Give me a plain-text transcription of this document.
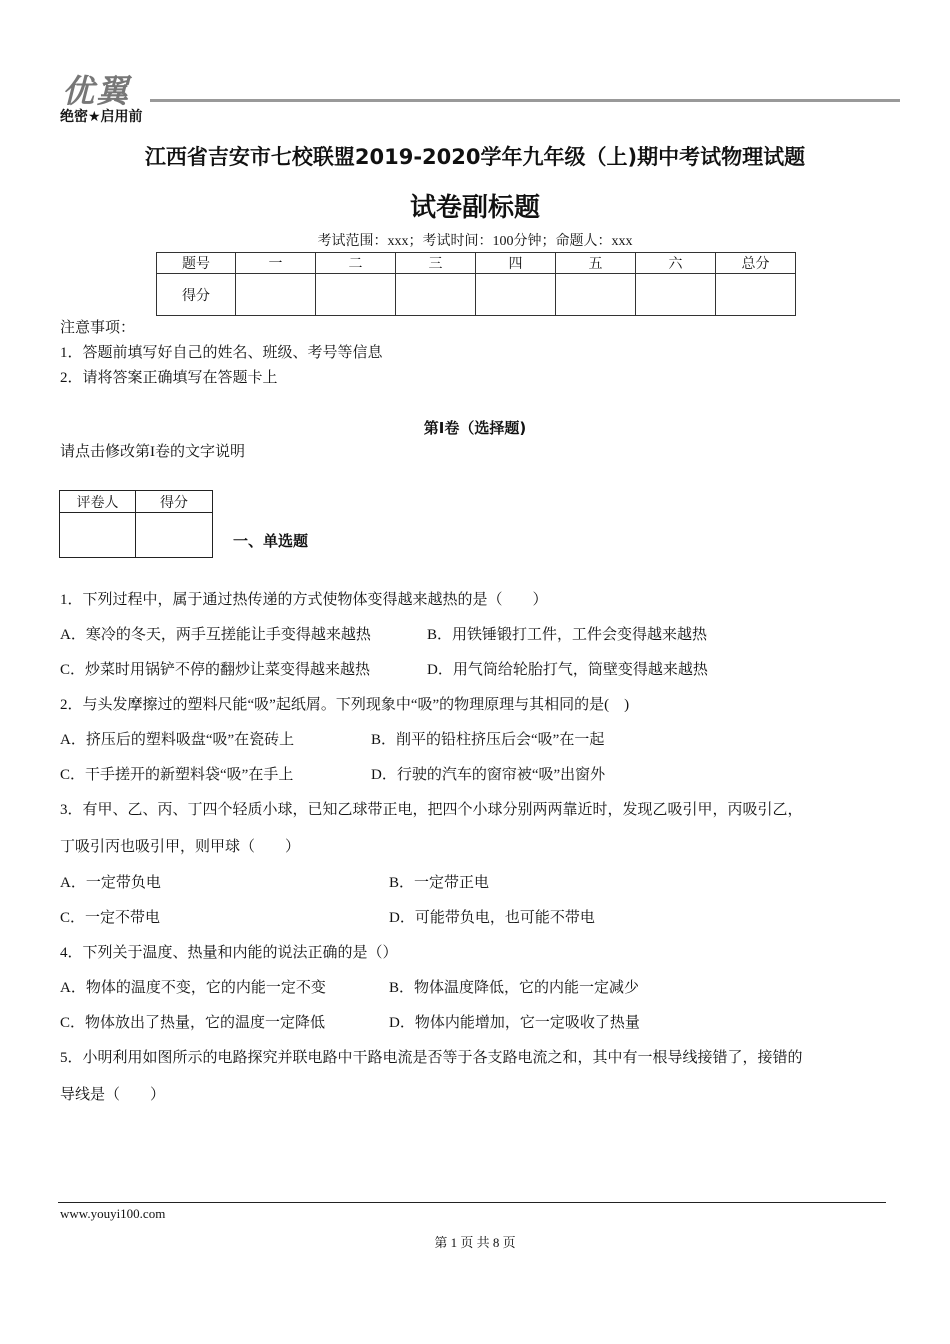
优翼
绝密★启用前
江西省吉安市七校联盟2019-2020学年九年级（上)期中考试物理试题
试卷副标题
考试范围：xxx；考试时间：100分钟；命题人：xxx
题号	一	二	三	四	五	六	总分
得分							
注意事项：
1．答题前填写好自己的姓名、班级、考号等信息
2．请将答案正确填写在答题卡上
第I卷（选择题)
请点击修改第I卷的文字说明
评卷人	得分

一、单选题
1．下列过程中，属于通过热传递的方式使物体变得越来越热的是（　　）
A．寒冷的冬天，两手互搓能让手变得越来越热	B．用铁锤锻打工件，工件会变得越来越热
C．炒菜时用锅铲不停的翻炒让菜变得越来越热	D．用气筒给轮胎打气，筒壁变得越来越热
2．与头发摩擦过的塑料尺能“吸”起纸屑。下列现象中“吸”的物理原理与其相同的是(　)
A．挤压后的塑料吸盘“吸”在瓷砖上	B．削平的铅柱挤压后会“吸”在一起
C．干手搓开的新塑料袋“吸”在手上	D．行驶的汽车的窗帘被“吸”出窗外
3．有甲、乙、丙、丁四个轻质小球，已知乙球带正电，把四个小球分别两两靠近时，发现乙吸引甲，丙吸引乙，
丁吸引丙也吸引甲，则甲球（　　）
A．一定带负电	B．一定带正电
C．一定不带电	D．可能带负电，也可能不带电
4．下列关于温度、热量和内能的说法正确的是（）
A．物体的温度不变，它的内能一定不变	B．物体温度降低，它的内能一定减少
C．物体放出了热量，它的温度一定降低	D．物体内能增加，它一定吸收了热量
5．小明利用如图所示的电路探究并联电路中干路电流是否等于各支路电流之和，其中有一根导线接错了，接错的
导线是（　　）
www.youyi100.com
第 1 页 共 8 页
